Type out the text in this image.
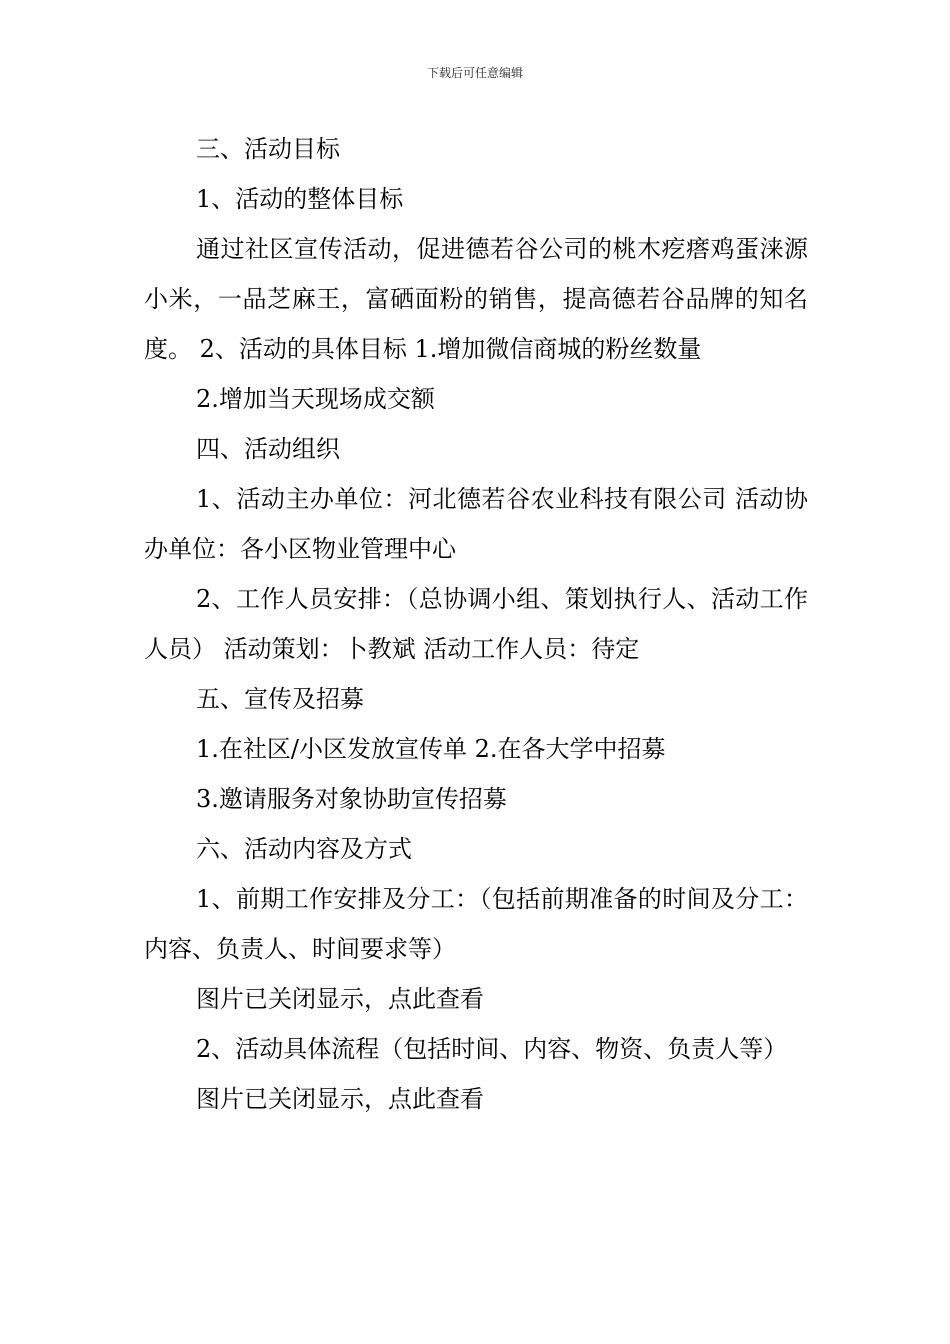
下载后可任意编辑

三、活动目标

1、活动的整体目标

通过社区宣传活动，促进德若谷公司的桃木疙瘩鸡蛋涞源小米，一品芝麻王，富硒面粉的销售，提高德若谷品牌的知名度。 2、活动的具体目标 1.增加微信商城的粉丝数量

2.增加当天现场成交额

四、活动组织

1、活动主办单位：河北德若谷农业科技有限公司 活动协办单位：各小区物业管理中心

2、工作人员安排：（总协调小组、策划执行人、活动工作人员） 活动策划：卜教斌 活动工作人员：待定

五、宣传及招募

1.在社区/小区发放宣传单 2.在各大学中招募

3.邀请服务对象协助宣传招募

六、活动内容及方式

1、前期工作安排及分工：（包括前期准备的时间及分工：内容、负责人、时间要求等）

图片已关闭显示，点此查看

2、活动具体流程（包括时间、内容、物资、负责人等）

图片已关闭显示，点此查看
